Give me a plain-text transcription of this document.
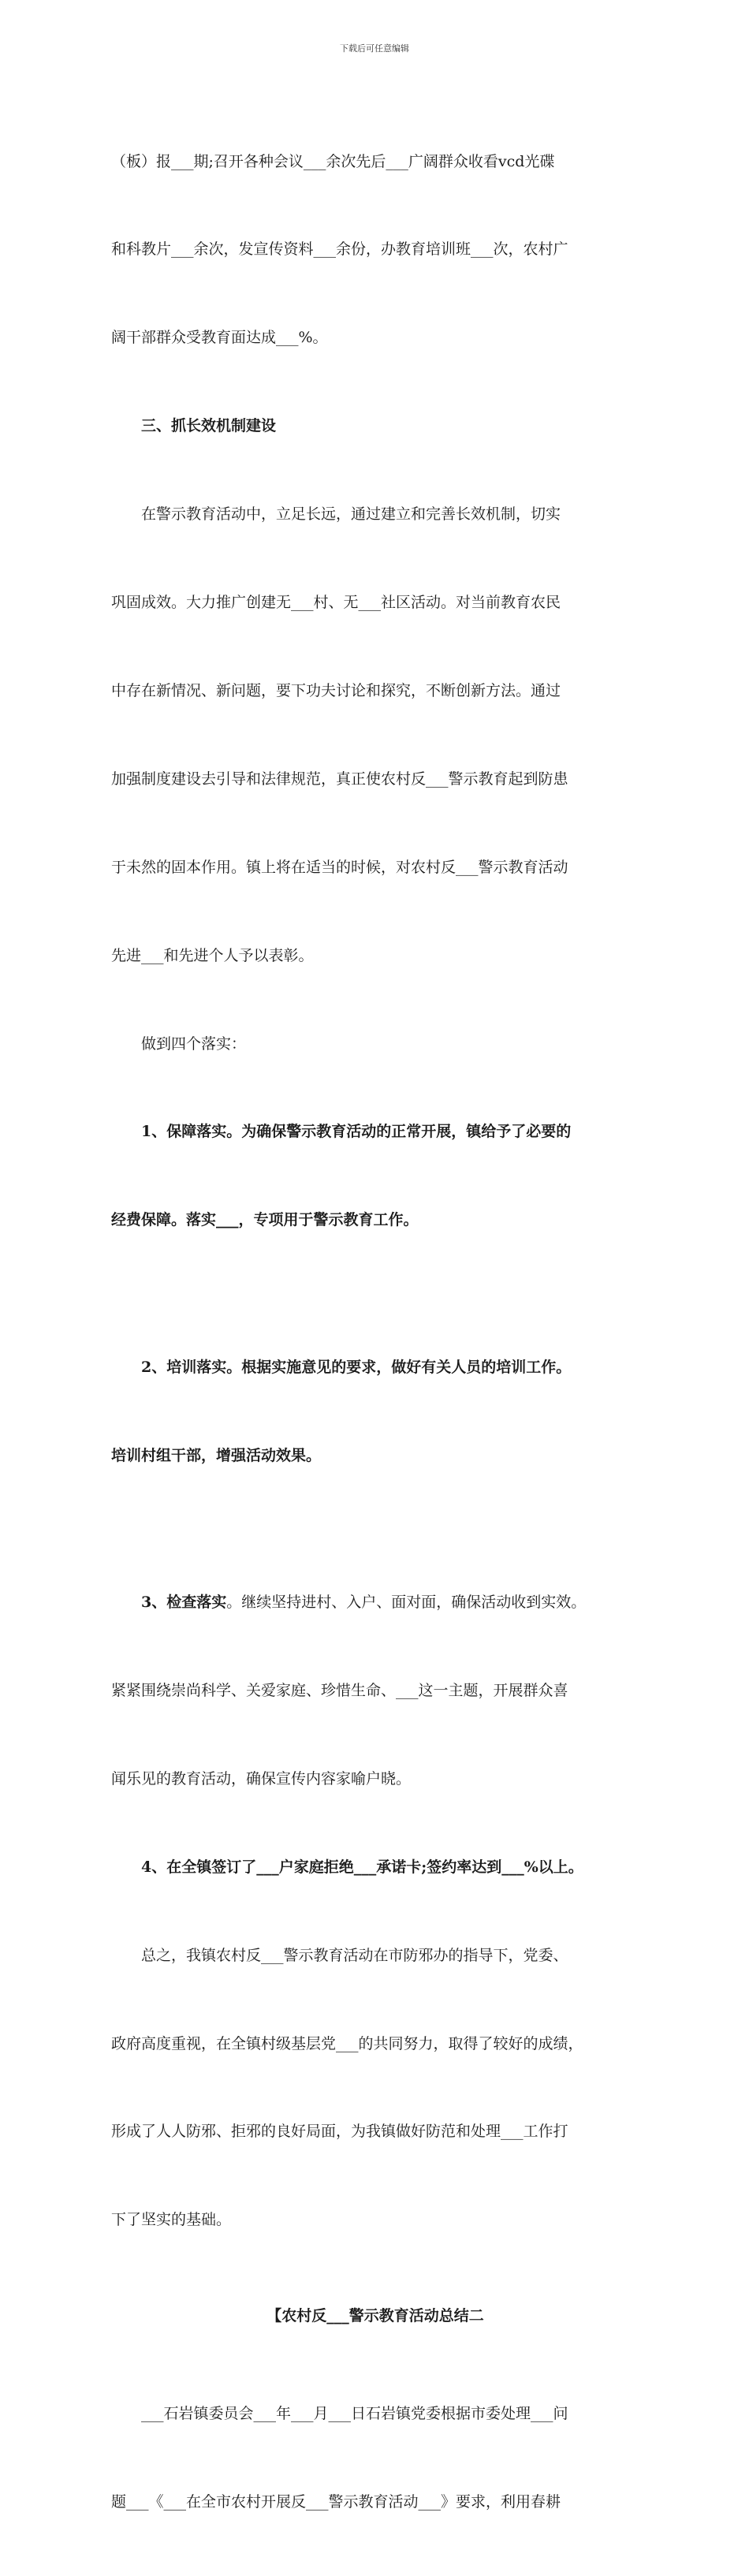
下载后可任意编辑

（板）报___期;召开各种会议___余次先后___广阔群众收看vcd光碟

和科教片___余次，发宣传资料___余份，办教育培训班___次，农村广

阔干部群众受教育面达成___%。

三、抓长效机制建设

在警示教育活动中，立足长远，通过建立和完善长效机制，切实

巩固成效。大力推广创建无___村、无___社区活动。对当前教育农民

中存在新情况、新问题，要下功夫讨论和探究，不断创新方法。通过

加强制度建设去引导和法律规范，真正使农村反___警示教育起到防患

于未然的固本作用。镇上将在适当的时候，对农村反___警示教育活动

先进___和先进个人予以表彰。

做到四个落实：

1、保障落实。为确保警示教育活动的正常开展，镇给予了必要的

经费保障。落实___，专项用于警示教育工作。

2、培训落实。根据实施意见的要求，做好有关人员的培训工作。

培训村组干部，增强活动效果。

3、检查落实。继续坚持进村、入户、面对面，确保活动收到实效。

紧紧围绕崇尚科学、关爱家庭、珍惜生命、___这一主题，开展群众喜

闻乐见的教育活动，确保宣传内容家喻户晓。

4、在全镇签订了___户家庭拒绝___承诺卡;签约率达到___%以上。

总之，我镇农村反___警示教育活动在市防邪办的指导下，党委、

政府高度重视，在全镇村级基层党___的共同努力，取得了较好的成绩，

形成了人人防邪、拒邪的良好局面，为我镇做好防范和处理___工作打

下了坚实的基础。

【农村反___警示教育活动总结二

___石岩镇委员会___年___月___日石岩镇党委根据市委处理___问

题___《___在全市农村开展反___警示教育活动___》要求，利用春耕
